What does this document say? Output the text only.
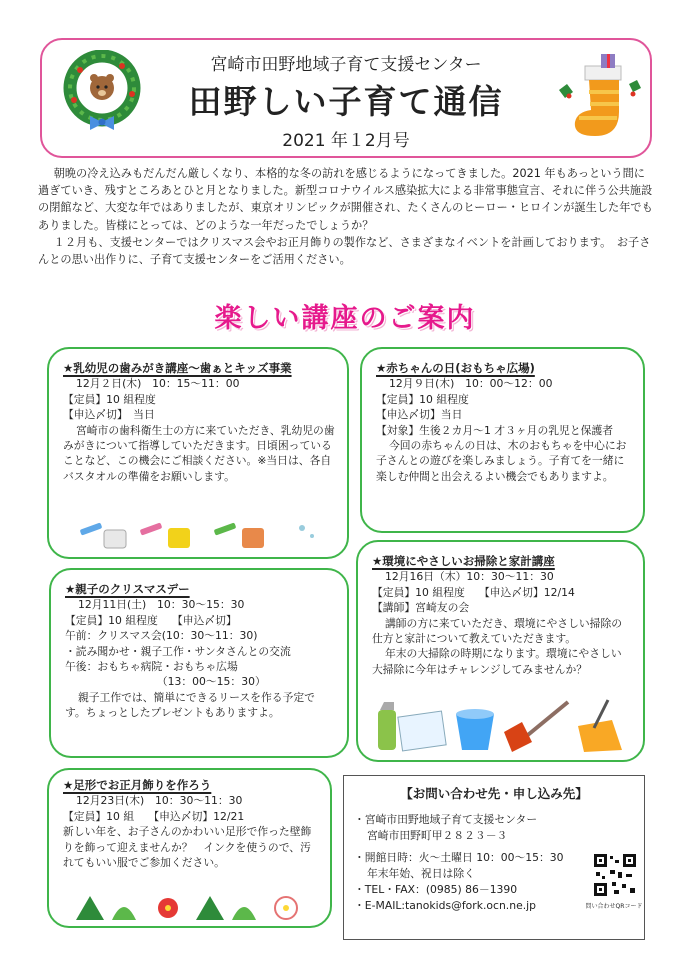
宮崎市田野地域子育て支援センター
田野しい子育て通信
2021 年１2月号

朝晩の冷え込みもだんだん厳しくなり、本格的な冬の訪れを感じるようになってきました。2021 年もあっという間に過ぎていき、残すところあとひと月となりました。新型コロナウイルス感染拡大による非常事態宣言、それに伴う公共施設の閉館など、大変な年ではありましたが、東京オリンピックが開催され、たくさんのヒーロー・ヒロインが誕生した年でもありました。皆様にとっては、どのような一年だったでしょうか？

１２月も、支援センターではクリスマス会やお正月飾りの製作など、さまざまなイベントを計画しております。　お子さんとの思い出作りに、子育て支援センターをご活用ください。

楽しい講座のご案内
★乳幼児の歯みがき講座～歯ぁとキッズ事業
12月２日(木)　10：15～11：00
【定員】10 組程度
【申込〆切】　当日
宮崎市の歯科衛生士の方に来ていただき、乳幼児の歯みがきについて指導していただきます。日頃困っていることなど、この機会にご相談ください。※当日は、各自バスタオルの準備をお願いします。
★赤ちゃんの日(おもちゃ広場)
12月９日(木)　10：00～12：00
【定員】10 組程度
【申込〆切】当日
【対象】生後２カ月～1 才３ヶ月の乳児と保護者
今回の赤ちゃんの日は、木のおもちゃを中心にお子さんとの遊びを楽しみましょう。子育てを一緒に楽しむ仲間と出会えるよい機会でもありますよ。
★親子のクリスマスデー
12月11日(土)　10：30～15：30
【定員】10 組程度　 【申込〆切】
午前：クリスマス会(10：30～11：30)
・読み聞かせ・親子工作・サンタさんとの交流
午後：おもちゃ病院・おもちゃ広場
（13：00～15：30）
親子工作では、簡単にできるリースを作る予定です。ちょっとしたプレゼントもありますよ。
★環境にやさしいお掃除と家計講座
12月16日（木）10：30～11：30
【定員】10 組程度　 【申込〆切】12/14
【講師】宮崎友の会
講師の方に来ていただき、環境にやさしい掃除の仕方と家計について教えていただきます。
年末の大掃除の時期になります。環境にやさしい大掃除に今年はチャレンジしてみませんか？
★足形でお正月飾りを作ろう
12月23日(木)　10：30～11：30
【定員】10 組　 【申込〆切】12/21
新しい年を、お子さんのかわいい足形で作った壁飾りを飾って迎えませんか？　インクを使うので、汚れてもいい服でご参加ください。
【お問い合わせ先・申し込み先】
・宮崎市田野地域子育て支援センター
宮崎市田野町甲２８２３－３
・開館日時：火～土曜日 10：00～15：30
年末年始、祝日は除く
・TEL・FAX：(0985) 86－1390
・E-MAIL:tanokids@fork.ocn.ne.jp	問い合わせQRコード
